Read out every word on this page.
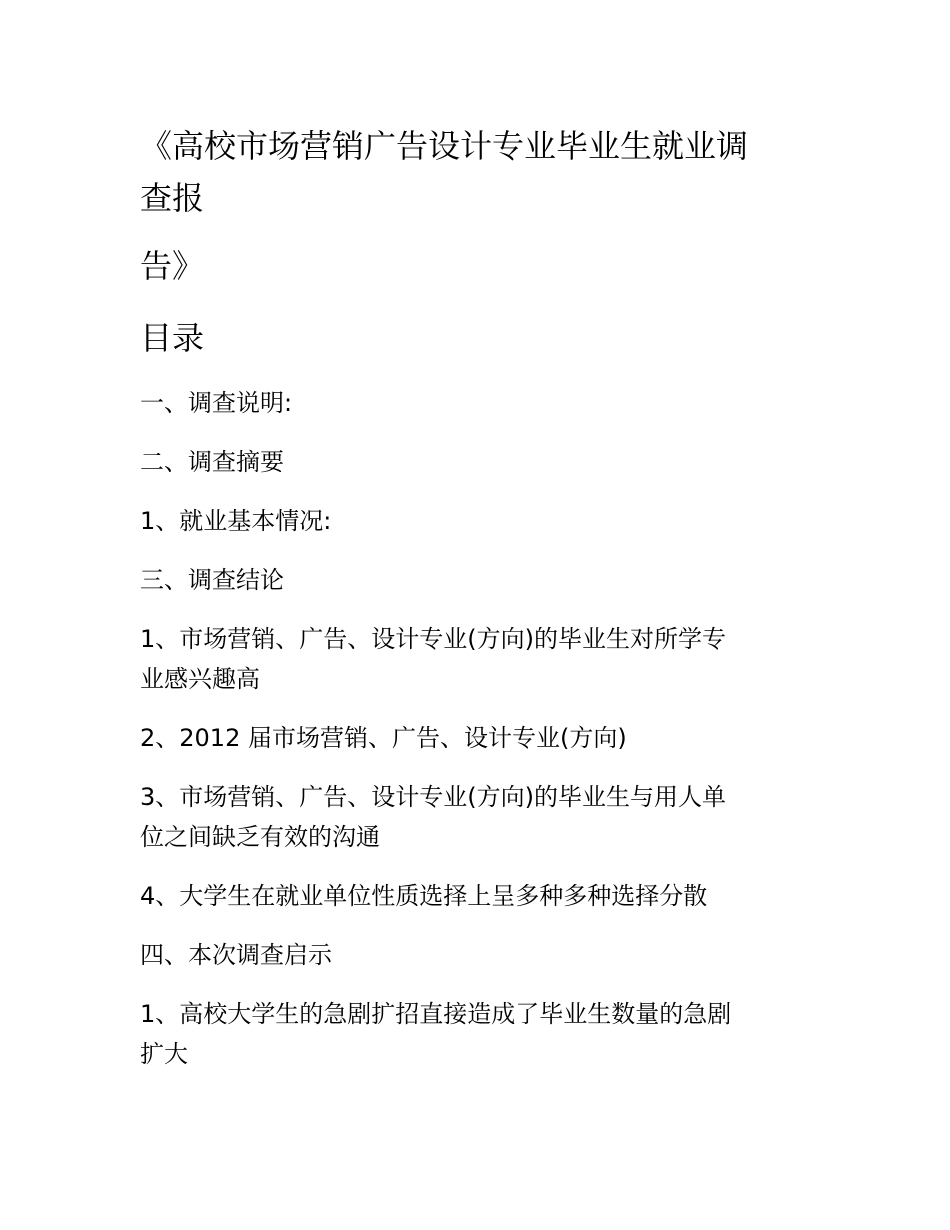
《高校市场营销广告设计专业毕业生就业调
查报
告》
目录
一、调查说明:
二、调查摘要
1、就业基本情况:
三、调查结论
1、市场营销、广告、设计专业(方向)的毕业生对所学专
业感兴趣高
2、2012 届市场营销、广告、设计专业(方向)
3、市场营销、广告、设计专业(方向)的毕业生与用人单
位之间缺乏有效的沟通
4、大学生在就业单位性质选择上呈多种多种选择分散
四、本次调查启示
1、高校大学生的急剧扩招直接造成了毕业生数量的急剧
扩大
